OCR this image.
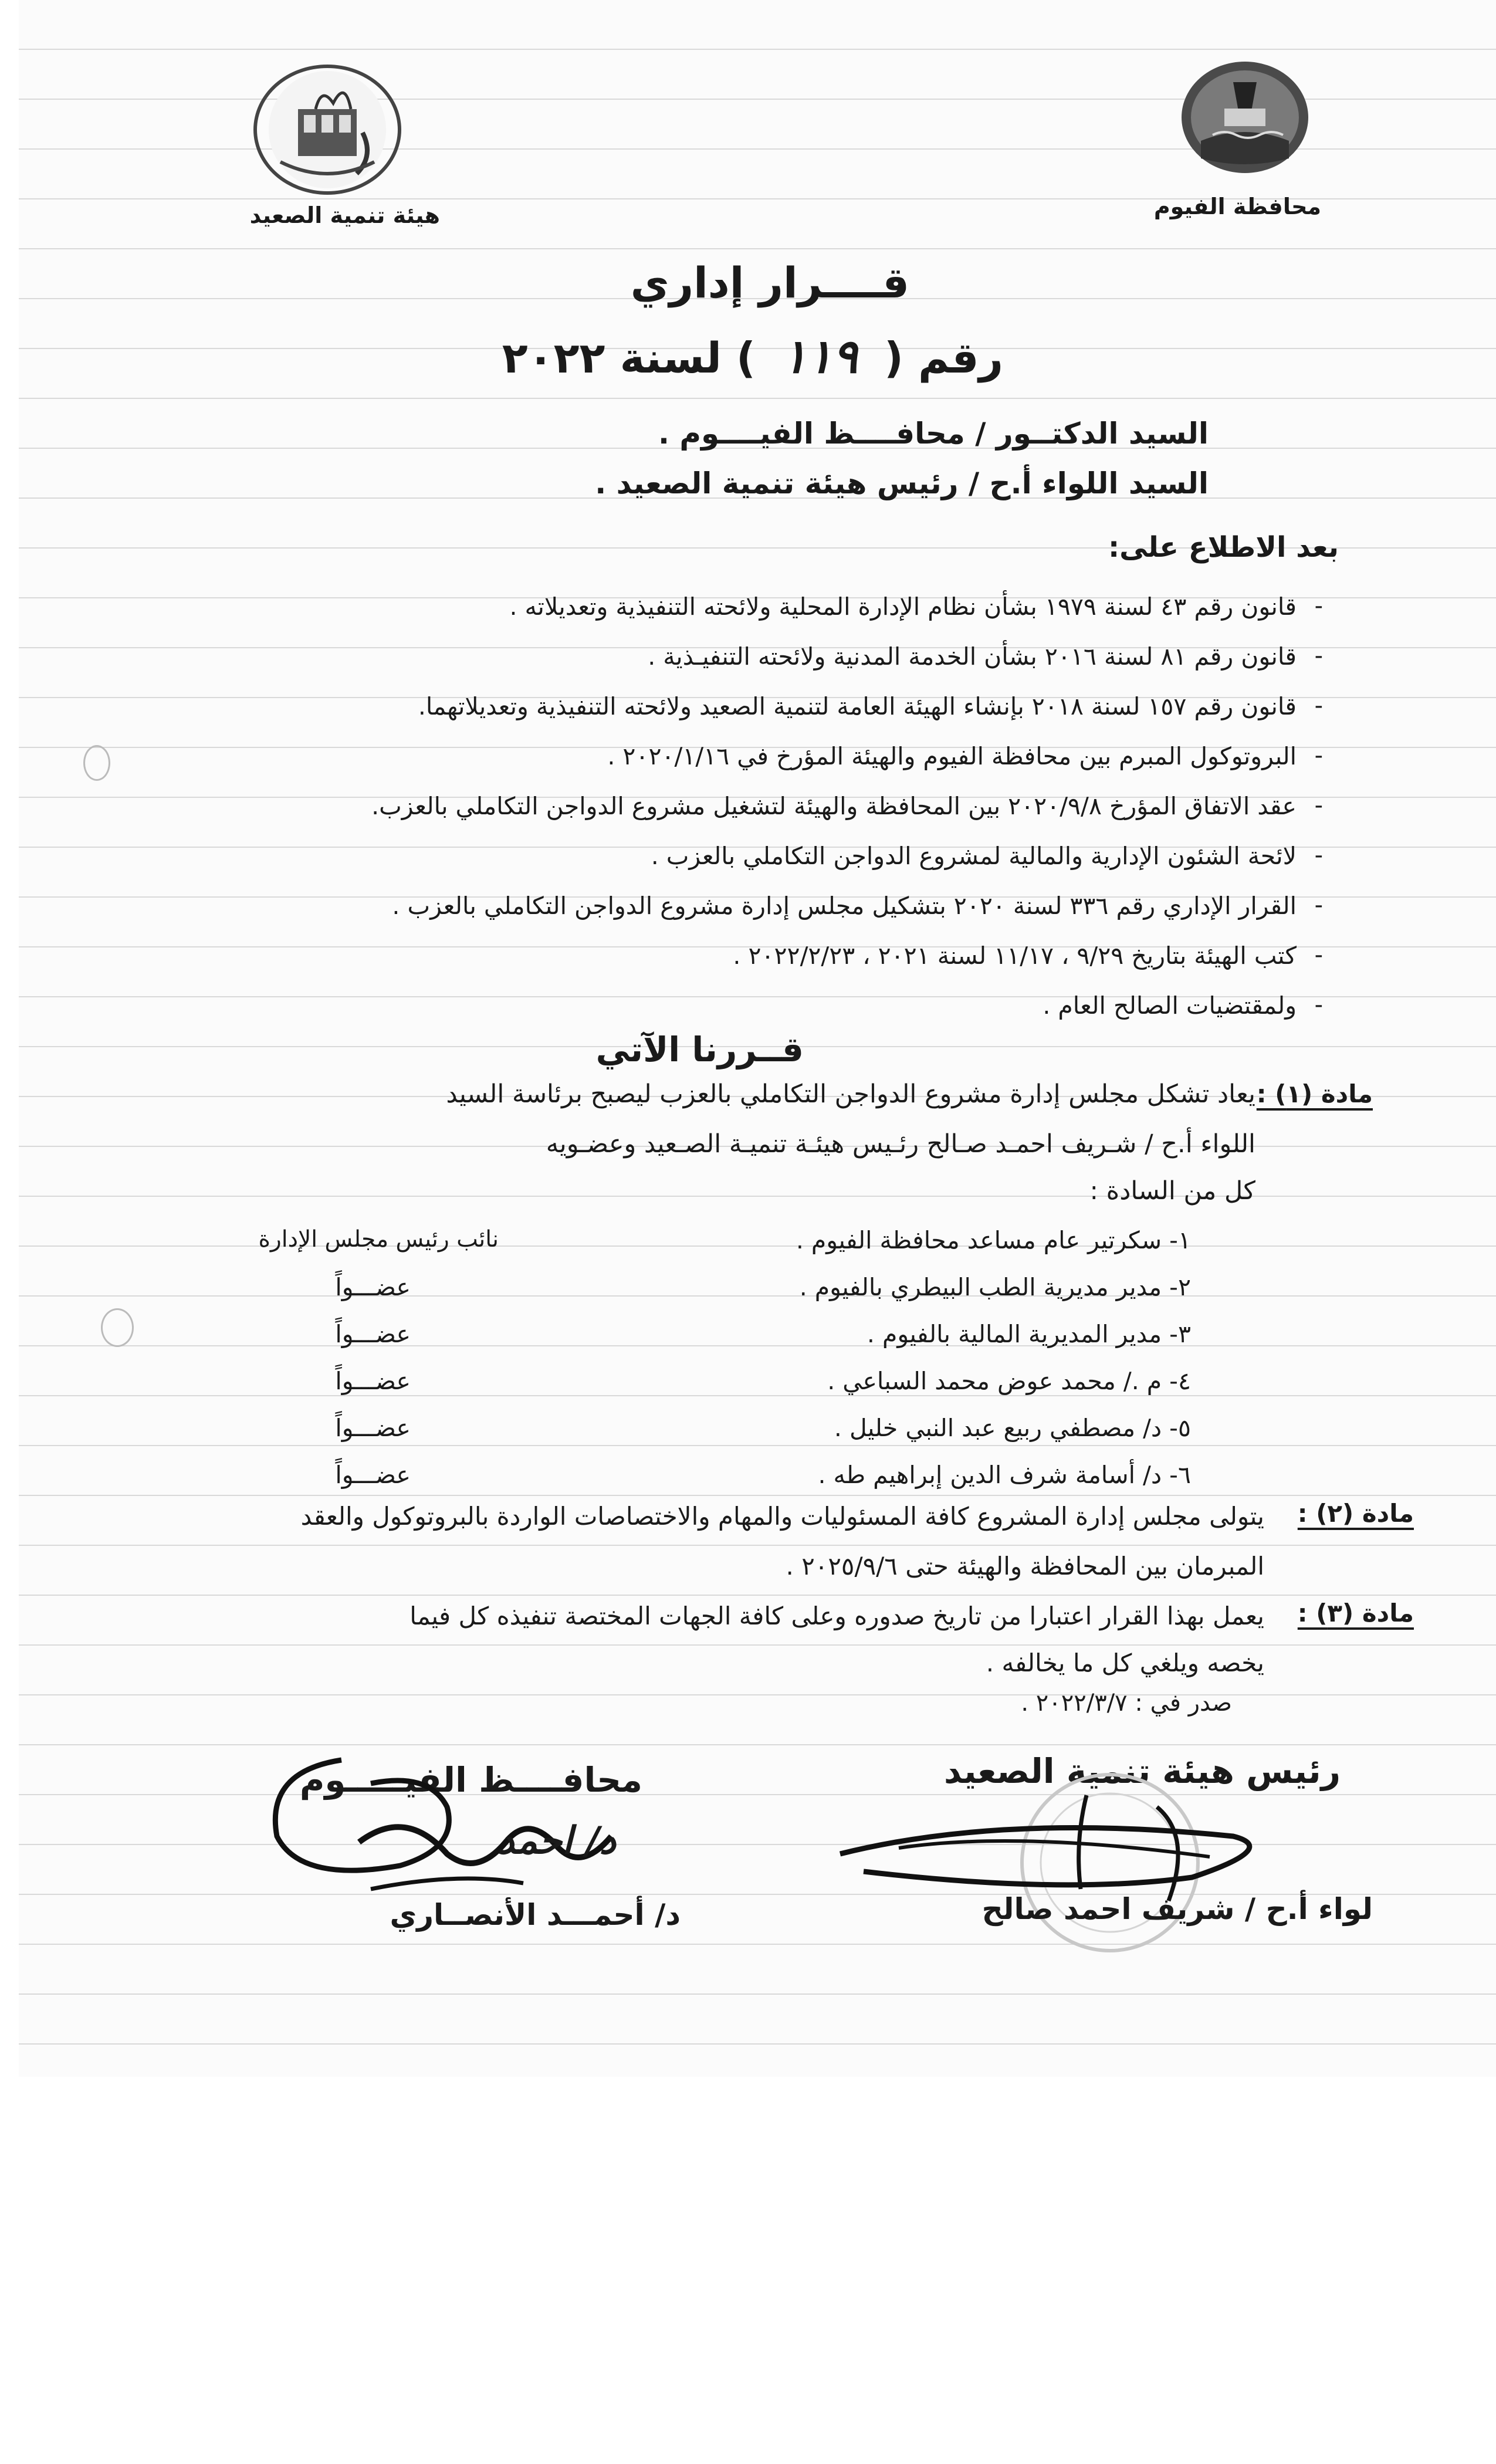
محافظة الفيوم
هيئة تنمية الصعيد
قــــرار إداري
رقم ( ١١٩ ) لسنة ٢٠٢٢
السيد الدكتــور / محافــــظ الفيــــوم .
السيد اللواء أ.ح / رئيس هيئة تنمية الصعيد .
بعد الاطلاع على:
-
قانون رقم ٤٣ لسنة ١٩٧٩ بشأن نظام الإدارة المحلية ولائحته التنفيذية وتعديلاته .
-
قانون رقم ٨١ لسنة ٢٠١٦ بشأن الخدمة المدنية ولائحته التنفيـذية .
-
قانون رقم ١٥٧ لسنة ٢٠١٨ بإنشاء الهيئة العامة لتنمية الصعيد ولائحته التنفيذية وتعديلاتهما.
-
البروتوكول المبرم بين محافظة الفيوم والهيئة المؤرخ في ٢٠٢٠/١/١٦ .
-
عقد الاتفاق المؤرخ ٢٠٢٠/٩/٨ بين المحافظة والهيئة لتشغيل مشروع الدواجن التكاملي بالعزب.
-
لائحة الشئون الإدارية والمالية لمشروع الدواجن التكاملي بالعزب .
-
القرار الإداري رقم ٣٣٦ لسنة ٢٠٢٠ بتشكيل مجلس إدارة مشروع الدواجن التكاملي بالعزب .
-
كتب الهيئة بتاريخ ٩/٢٩ ، ١١/١٧ لسنة ٢٠٢١ ، ٢٠٢٢/٢/٢٣ .
-
ولمقتضيات الصالح العام .
قــررنا الآتي
مادة (١) :
يعاد تشكل مجلس إدارة مشروع الدواجن التكاملي بالعزب ليصبح برئاسة السيد
اللواء أ.ح / شـريف احمـد صـالح رئـيس هيئـة تنميـة الصـعيد وعضـويه
كل من السادة :
١- سكرتير عام مساعد محافظة الفيوم .
نائب رئيس مجلس الإدارة
٢- مدير مديرية الطب البيطري بالفيوم .
عضـــواً
٣- مدير المديرية المالية بالفيوم .
عضـــواً
٤- م ./ محمد عوض محمد السباعي .
عضـــواً
٥- د/ مصطفي ربيع عبد النبي خليل .
عضـــواً
٦- د/ أسامة شرف الدين إبراهيم طه .
عضـــواً
مادة (٢) :
يتولى مجلس إدارة المشروع كافة المسئوليات والمهام والاختصاصات الواردة بالبروتوكول والعقد
المبرمان بين المحافظة والهيئة حتى ٢٠٢٥/٩/٦ .
مادة (٣) :
يعمل بهذا القرار اعتبارا من تاريخ صدوره وعلى كافة الجهات المختصة تنفيذه كل فيما
يخصه ويلغي كل ما يخالفه .
صدر في : ٢٠٢٢/٣/٧ .
رئيس هيئة تنمية الصعيد
محافــــظ الفيـــــوم
د/ احمد
لواء أ.ح / شريف احمد صالح
د/ أحمـــد الأنصــاري
